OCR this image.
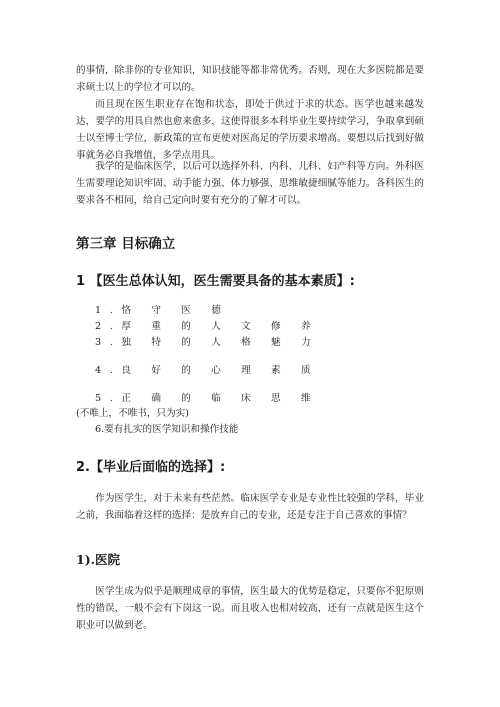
的事情，除非你的专业知识，知识技能等都非常优秀。否则，现在大多医院都是要求硕士以上的学位才可以的。

而且现在医生职业存在饱和状态，即处于供过于求的状态。医学也越来越发达，要学的用具自然也愈来愈多，这使得很多本科毕业生要持续学习，争取拿到硕士以至博士学位，新政策的宣布更使对医高足的学历要求增高。要想以后找到好做事就务必自我增值，多学点用具。

我学的是临床医学，以后可以选择外科、内科、儿科、妇产科等方向。外科医生需要理论知识牢固、动手能力强、体力够强、思维敏捷细腻等能力。各科医生的要求各不相同，给自己定向时要有充分的了解才可以。

第三章 目标确立
1 【医生总体认知，医生需要具备的基本素质】:

1.恪 守 医 德

2.厚 重 的 人 文 修 养

3.独 特 的 人 格 魅 力

4.良 好 的 心 理 素 质

5.正 确 的 临 床 思 维

(不唯上，不唯书，只为实)

6.要有扎实的医学知识和操作技能

2.【毕业后面临的选择】:

作为医学生，对于未来有些茫然。临床医学专业是专业性比较强的学科，毕业之前，我面临着这样的选择：是放弃自己的专业，还是专注于自己喜欢的事情？

1).医院

医学生成为似乎是顺理成章的事情，医生最大的优势是稳定，只要你不犯原则性的错误，一般不会有下岗这一说。而且收入也相对较高，还有一点就是医生这个职业可以做到老。
